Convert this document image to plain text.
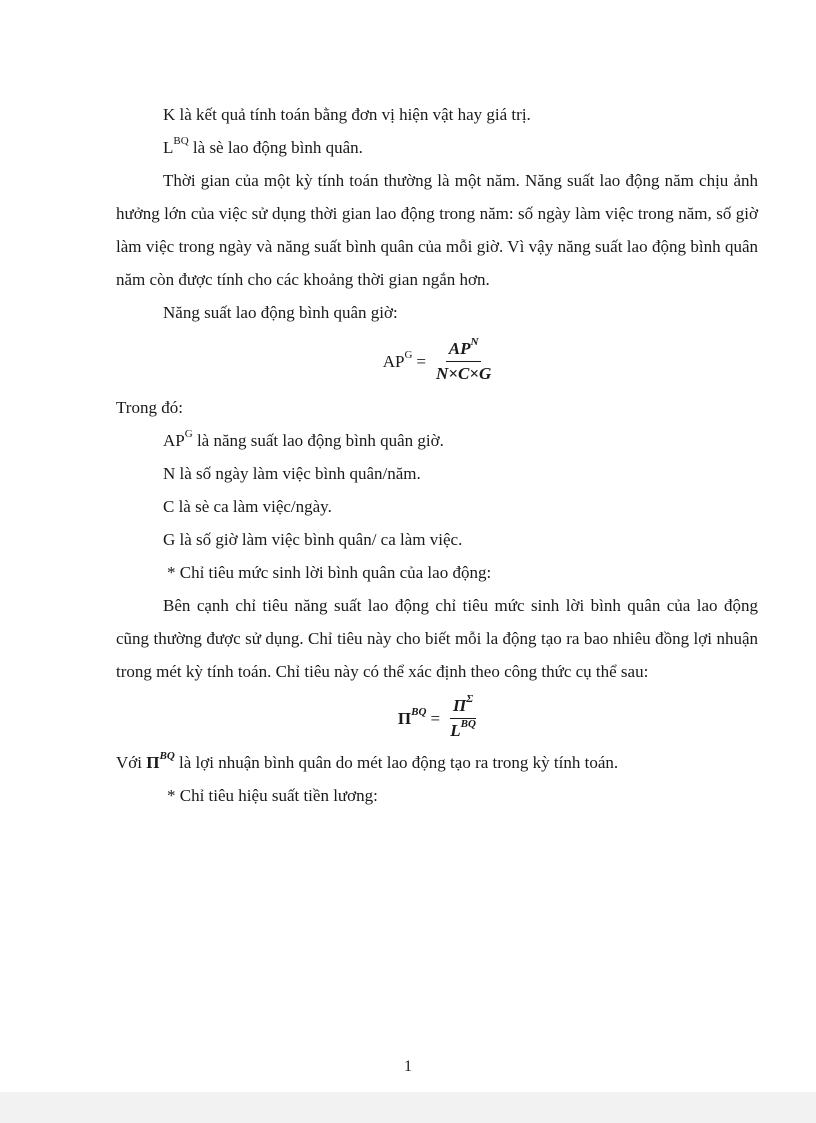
K là kết quả tính toán bằng đơn vị hiện vật hay giá trị.

$L^{BQ}$ là sè lao động bình quân.

Thời gian của một kỳ tính toán thường là một năm. Năng suất lao động năm chịu ảnh hưởng lớn của việc sử dụng thời gian lao động trong năm: số ngày làm việc trong năm, số giờ làm việc trong ngày và năng suất bình quân của mỗi giờ. Vì vậy năng suất lao động bình quân năm còn được tính cho các khoảng thời gian ngắn hơn.

Năng suất lao động bình quân giờ:

$AP^G = \frac{AP^N}{N\times C\times G}$

Trong đó:

$AP^G$ là năng suất lao động bình quân giờ.

N là số ngày làm việc bình quân/năm.

C là sè ca làm việc/ngày.

G là số giờ làm việc bình quân/ ca làm việc.

* Chỉ tiêu mức sinh lời bình quân của lao động:

Bên cạnh chỉ tiêu năng suất lao động chỉ tiêu mức sinh lời bình quân của lao động cũng thường được sử dụng. Chỉ tiêu này cho biết mỗi la động tạo ra bao nhiêu đồng lợi nhuận trong mét kỳ tính toán. Chỉ tiêu này có thể xác định theo công thức cụ thể sau:

$\Pi^{BQ} = \frac{\Pi^\Sigma}{L^{BQ}}$

Với $\Pi^{BQ}$ là lợi nhuận bình quân do mét lao động tạo ra trong kỳ tính toán.

* Chỉ tiêu hiệu suất tiền lương:

1
